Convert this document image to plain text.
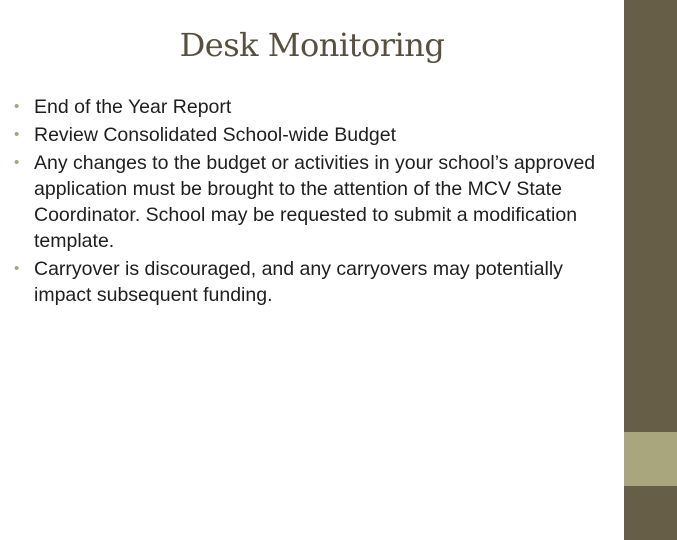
Desk Monitoring
• End of the Year Report
• Review Consolidated School-wide Budget
• Any changes to the budget or activities in your school’s approved application must be brought to the attention of the MCV State Coordinator. School may be requested to submit a modification template.
• Carryover is discouraged, and any carryovers may potentially impact subsequent funding.
